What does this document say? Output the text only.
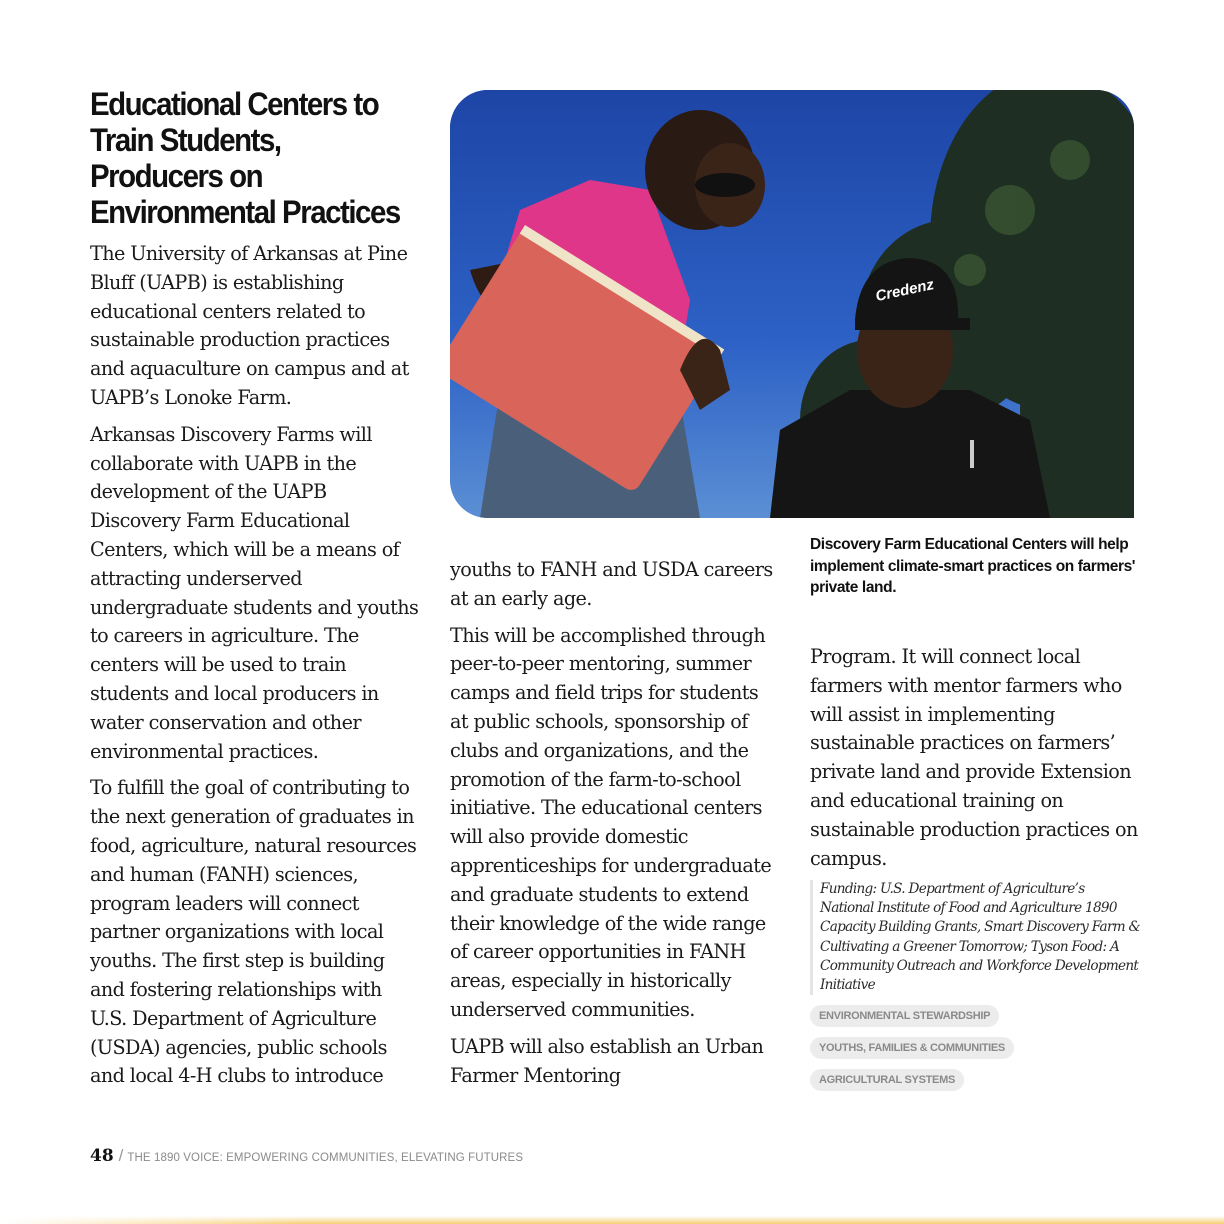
Educational Centers to Train Students, Producers on Environmental Practices

The University of Arkansas at Pine Bluff (UAPB) is establishing educational centers related to sustainable production practices and aquaculture on campus and at UAPB’s Lonoke Farm.

Arkansas Discovery Farms will collaborate with UAPB in the development of the UAPB Discovery Farm Educational Centers, which will be a means of attracting underserved undergraduate students and youths to careers in agriculture. The centers will be used to train students and local producers in water conservation and other environmental practices.

To fulfill the goal of contributing to the next generation of graduates in food, agriculture, natural resources and human (FANH) sciences, program leaders will connect partner organizations with local youths. The first step is building and fostering relationships with U.S. Department of Agriculture (USDA) agencies, public schools and local 4-H clubs to introduce

Credenz

Discovery Farm Educational Centers will help implement climate-smart practices on farmers' private land.

youths to FANH and USDA careers at an early age.

This will be accomplished through peer-to-peer mentoring, summer camps and field trips for students at public schools, sponsorship of clubs and organizations, and the promotion of the farm-to-school initiative. The educational centers will also provide domestic apprenticeships for undergraduate and graduate students to extend their knowledge of the wide range of career opportunities in FANH areas, especially in historically underserved communities.

UAPB will also establish an Urban Farmer Mentoring

Program. It will connect local farmers with mentor farmers who will assist in implementing sustainable practices on farmers’ private land and provide Extension and educational training on sustainable production practices on campus.

Funding: U.S. Department of Agriculture’s National Institute of Food and Agriculture 1890 Capacity Building Grants, Smart Discovery Farm & Cultivating a Greener Tomorrow; Tyson Food: A Community Outreach and Workforce Development Initiative
ENVIRONMENTAL STEWARDSHIP
YOUTHS, FAMILIES & COMMUNITIES
AGRICULTURAL SYSTEMS
48 / THE 1890 VOICE: EMPOWERING COMMUNITIES, ELEVATING FUTURES
